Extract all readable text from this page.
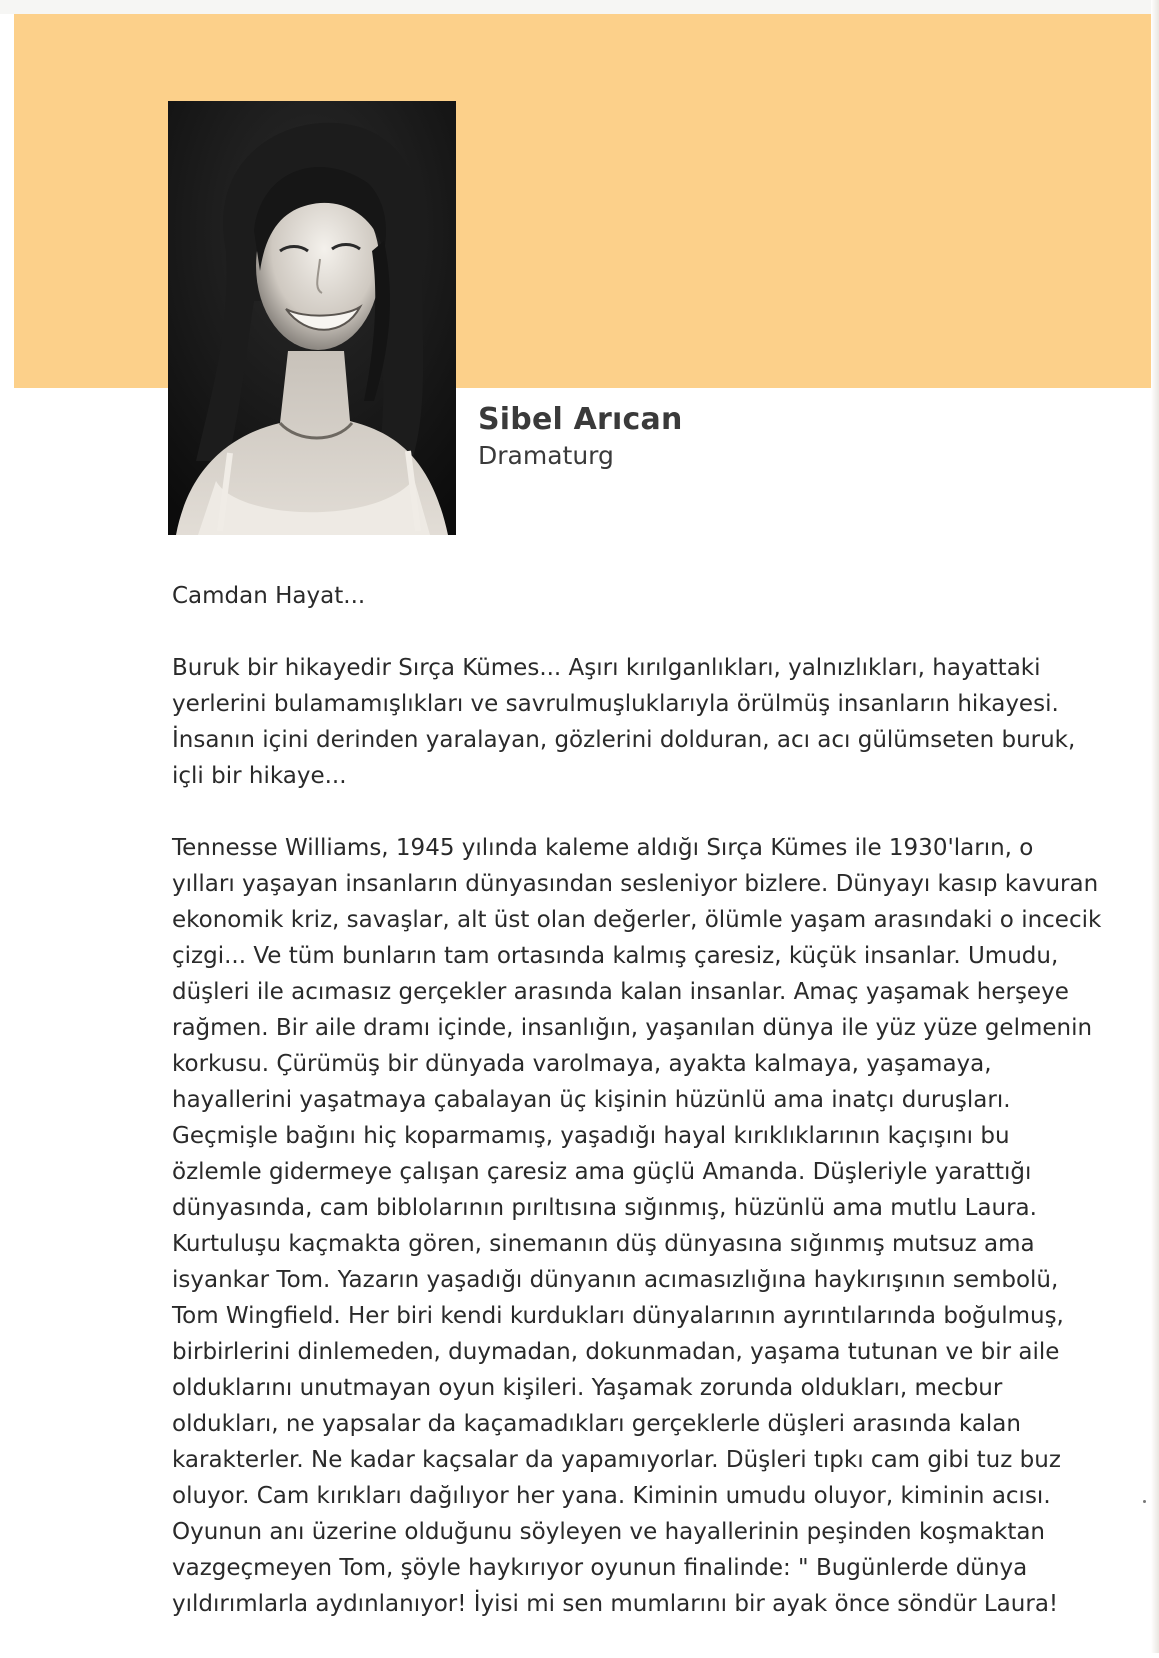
Sibel Arıcan
Dramaturg
Camdan Hayat...
Buruk bir hikayedir Sırça Kümes... Aşırı kırılganlıkları, yalnızlıkları, hayattaki
yerlerini bulamamışlıkları ve savrulmuşluklarıyla örülmüş insanların hikayesi.
İnsanın içini derinden yaralayan, gözlerini dolduran, acı acı gülümseten buruk,
içli bir hikaye...
Tennesse Williams, 1945 yılında kaleme aldığı Sırça Kümes ile 1930'ların, o
yılları yaşayan insanların dünyasından sesleniyor bizlere. Dünyayı kasıp kavuran
ekonomik kriz, savaşlar, alt üst olan değerler, ölümle yaşam arasındaki o incecik
çizgi... Ve tüm bunların tam ortasında kalmış çaresiz, küçük insanlar. Umudu,
düşleri ile acımasız gerçekler arasında kalan insanlar. Amaç yaşamak herşeye
rağmen. Bir aile dramı içinde, insanlığın, yaşanılan dünya ile yüz yüze gelmenin
korkusu. Çürümüş bir dünyada varolmaya, ayakta kalmaya, yaşamaya,
hayallerini yaşatmaya çabalayan üç kişinin hüzünlü ama inatçı duruşları.
Geçmişle bağını hiç koparmamış, yaşadığı hayal kırıklıklarının kaçışını bu
özlemle gidermeye çalışan çaresiz ama güçlü Amanda. Düşleriyle yarattığı
dünyasında, cam biblolarının pırıltısına sığınmış, hüzünlü ama mutlu Laura.
Kurtuluşu kaçmakta gören, sinemanın düş dünyasına sığınmış mutsuz ama
isyankar Tom. Yazarın yaşadığı dünyanın acımasızlığına haykırışının sembolü,
Tom Wingfield. Her biri kendi kurdukları dünyalarının ayrıntılarında boğulmuş,
birbirlerini dinlemeden, duymadan, dokunmadan, yaşama tutunan ve bir aile
olduklarını unutmayan oyun kişileri. Yaşamak zorunda oldukları, mecbur
oldukları, ne yapsalar da kaçamadıkları gerçeklerle düşleri arasında kalan
karakterler. Ne kadar kaçsalar da yapamıyorlar. Düşleri tıpkı cam gibi tuz buz
oluyor. Cam kırıkları dağılıyor her yana. Kiminin umudu oluyor, kiminin acısı.
Oyunun anı üzerine olduğunu söyleyen ve hayallerinin peşinden koşmaktan
vazgeçmeyen Tom, şöyle haykırıyor oyunun finalinde: " Bugünlerde dünya
yıldırımlarla aydınlanıyor! İyisi mi sen mumlarını bir ayak önce söndür Laura!
